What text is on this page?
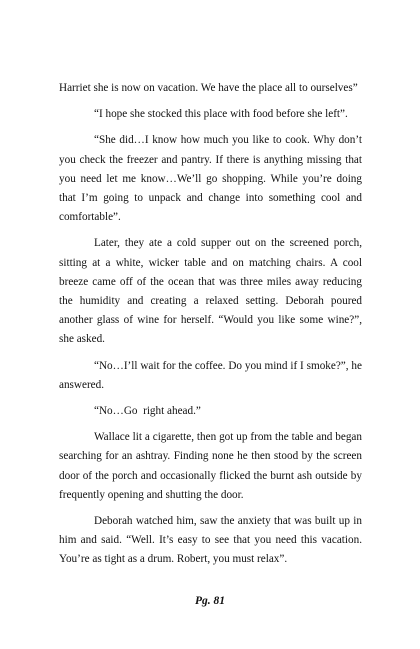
Harriet she is now on vacation. We have the place all to ourselves”

“I hope she stocked this place with food before she left”.

“She did…I know how much you like to cook. Why don’t you check the freezer and pantry. If there is anything missing that you need let me know…We’ll go shopping. While you’re doing that I’m going to unpack and change into something cool and comfortable”.

Later, they ate a cold supper out on the screened porch, sitting at a white, wicker table and on matching chairs. A cool breeze came off of the ocean that was three miles away reducing the humidity and creating a relaxed setting. Deborah poured another glass of wine for herself. “Would you like some wine?”, she asked.

“No…I’ll wait for the coffee. Do you mind if I smoke?”, he answered.

“No…Go  right ahead.”

Wallace lit a cigarette, then got up from the table and began searching for an ashtray. Finding none he then stood by the screen door of the porch and occasionally flicked the burnt ash outside by frequently opening and shutting the door.

Deborah watched him, saw the anxiety that was built up in him and said. “Well. It’s easy to see that you need this vacation. You’re as tight as a drum. Robert, you must relax”.

Pg. 81
